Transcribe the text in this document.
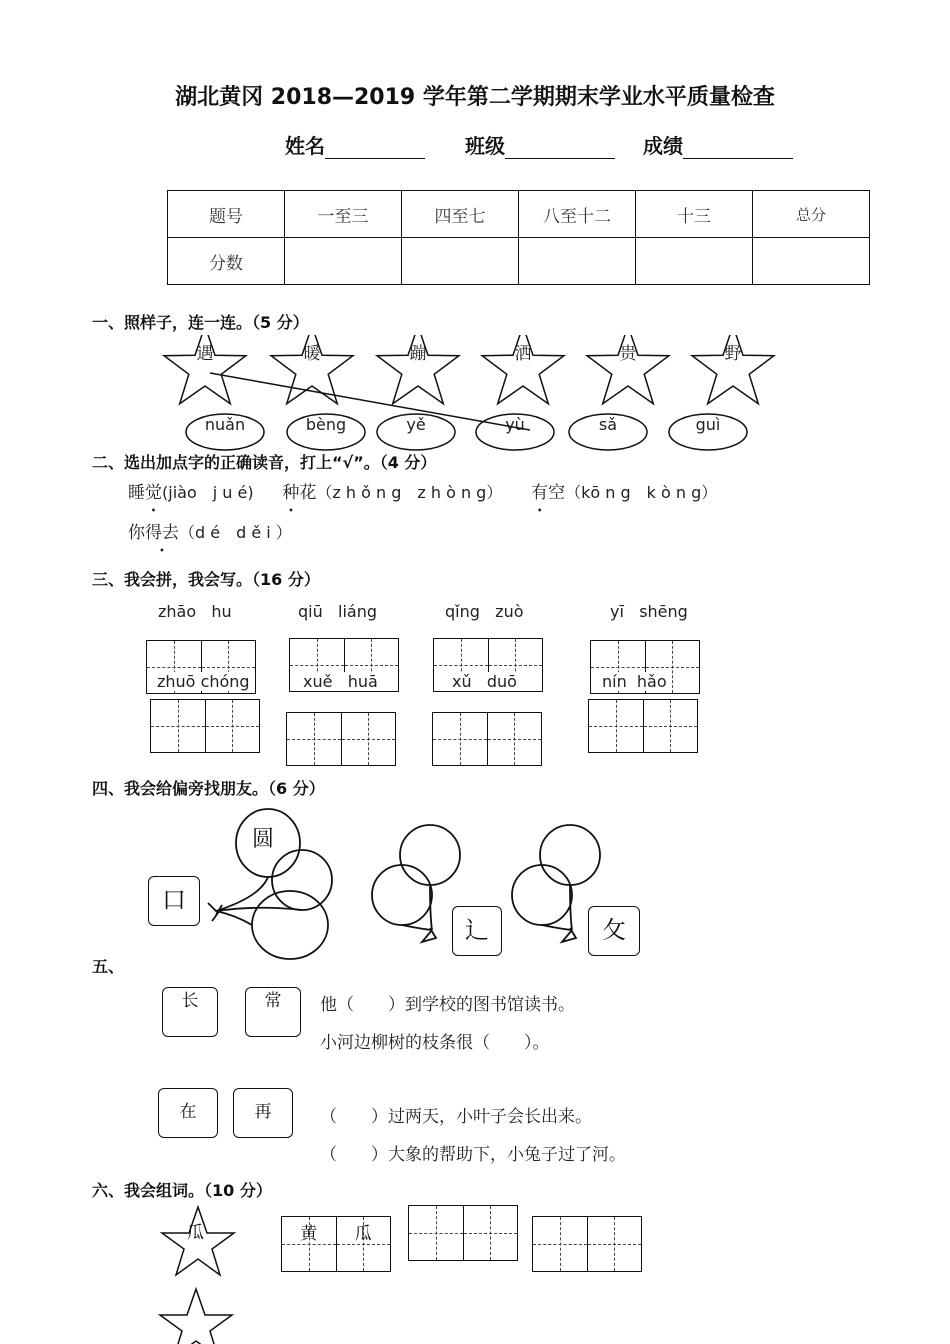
湖北黄冈 2018—2019 学年第二学期期末学业水平质量检查
姓名	班级	成绩
题号	一至三	四至七	八至十二	十三	总分
分数					
一、照样子，连一连。（5 分）
遇	暖	蹦	洒	贵	野
nuǎn	bèng	yě	yù	sǎ	guì
二、选出加点字的正确读音，打上“√”。（4 分）
睡觉(jiào　j u é) 种花（z h ǒ n g　z h ò n g） 有空（kō n g　k ò n g）
你得去（d é　d ě i ）
三、我会拼，我会写。（16 分）
zhāo hu	qiū liáng	qǐng zuò	yī shēng
zhuō chóng	xuě huā	xǔ duō	nín hǎo
四、我会给偏旁找朋友。（6 分）
圆
口
辶	攵
五、
长	常	他（　　）到学校的图书馆读书。
小河边柳树的枝条很（　　）。
在	再	（　　）过两天，小叶子会长出来。
（　　）大象的帮助下，小兔子过了河。
六、我会组词。（10 分）
瓜	黄	瓜
